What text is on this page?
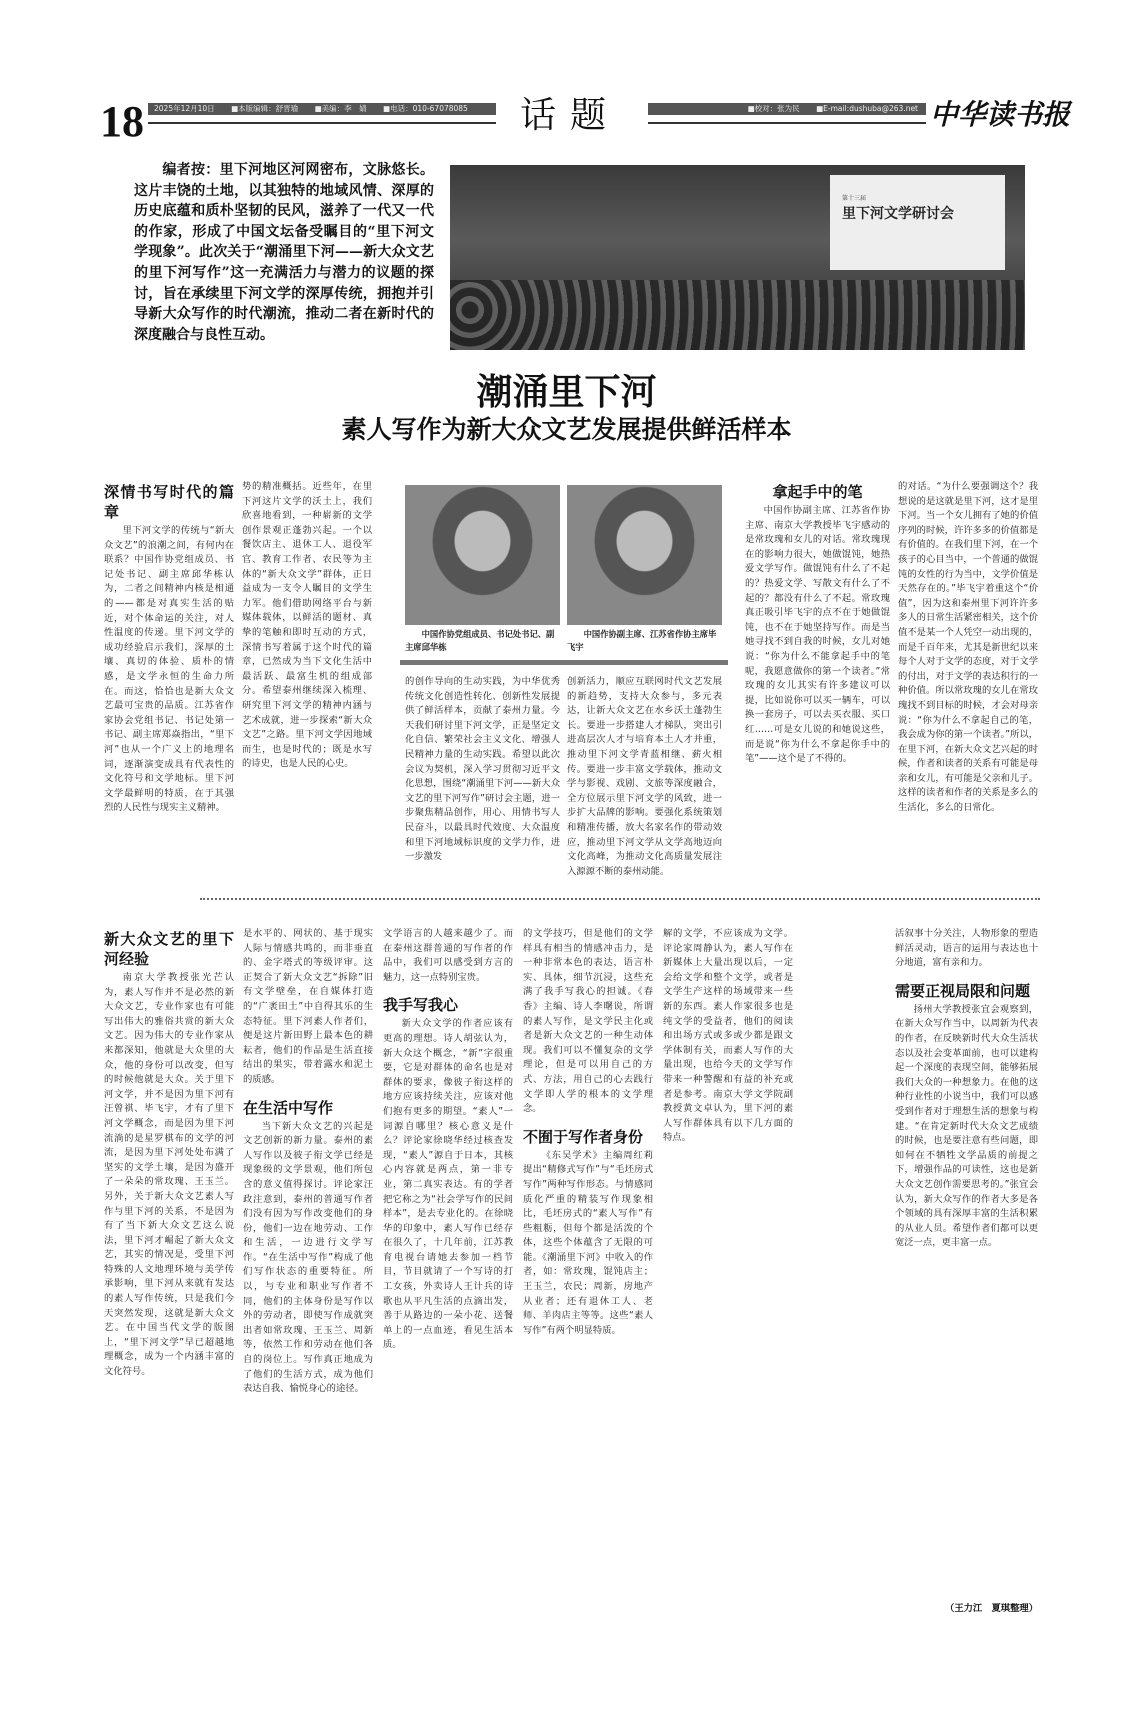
18	2025年12月10日 ■本版编辑：舒晋瑜 ■美编：李　婧 ■电话：010-67078085	话题	■校对：张为民 ■E-mail:dushuba@263.net 中华读书报
编者按：里下河地区河网密布，文脉悠长。这片丰饶的土地，以其独特的地域风情、深厚的历史底蕴和质朴坚韧的民风，滋养了一代又一代的作家，形成了中国文坛备受瞩目的“里下河文学现象”。此次关于“潮涌里下河——新大众文艺的里下河写作”这一充满活力与潜力的议题的探讨，旨在承续里下河文学的深厚传统，拥抱并引导新大众写作的时代潮流，推动二者在新时代的深度融合与良性互动。
第十三届
里下河文学研讨会
潮涌里下河
素人写作为新大众文艺发展提供鲜活样本
深情书写时代的篇章

里下河文学的传统与“新大众文艺”的浪潮之间，有何内在联系？中国作协党组成员、书记处书记、副主席邱华栋认为，二者之间精神内核是相通的——都是对真实生活的贴近，对个体命运的关注，对人性温度的传递。里下河文学的成功经验启示我们，深厚的土壤、真切的体验、质朴的情感，是文学永恒的生命力所在。而这，恰恰也是新大众文艺最可宝贵的品质。江苏省作家协会党组书记、书记处第一书记、副主席郑焱指出，“里下河”也从一个广义上的地理名词，逐渐演变成具有代表性的文化符号和文学地标。里下河文学最鲜明的特质，在于其强烈的人民性与现实主义精神。

势的精准概括。近些年，在里下河这片文学的沃土上，我们欣喜地看到，一种崭新的文学创作景观正蓬勃兴起。一个以餐饮店主、退休工人、退役军官、教育工作者、农民等为主体的“新大众文学”群体，正日益成为一支令人瞩目的文学生力军。他们借助网络平台与新媒体载体，以鲜活的题材、真挚的笔触和即时互动的方式，深情书写着属于这个时代的篇章，已然成为当下文化生活中最活跃、最富生机的组成部分。希望泰州继续深入梳理、研究里下河文学的精神内涵与艺术成就，进一步探索“新大众文艺”之路。里下河文学因地域而生，也是时代的；既是水写的诗史，也是人民的心史。

中国作协党组成员、书记处书记、副主席邱华栋
中国作协副主席、江苏省作协主席毕飞宇

的创作导向的生动实践，为中华优秀传统文化创造性转化、创新性发展提供了鲜活样本，贡献了泰州力量。今天我们研讨里下河文学，正是坚定文化自信、繁荣社会主义文化、增强人民精神力量的生动实践。希望以此次会议为契机，深入学习贯彻习近平文化思想，围绕“潮涌里下河——新大众文艺的里下河写作”研讨会主题，进一步聚焦精品创作，用心、用情书写人民奋斗，以最具时代效度、大众温度和里下河地域标识度的文学力作，进一步激发

创新活力，顺应互联网时代文艺发展的新趋势，支持大众参与，多元表达，让新大众文艺在水乡沃土蓬勃生长。要进一步搭建人才梯队，突出引进高层次人才与培育本土人才并重，推动里下河文学青蓝相继、薪火相传。要进一步丰富文学载体，推动文学与影视、戏剧、文旅等深度融合，全方位展示里下河文学的风致，进一步扩大品牌的影响。要强化系统策划和精准传播，放大名家名作的带动效应，推动里下河文学从文学高地迈向文化高峰，为推动文化高质量发展注入源源不断的泰州动能。

拿起手中的笔

中国作协副主席、江苏省作协主席、南京大学教授毕飞宇感动的是常玫瑰和女儿的对话。常玫瑰现在的影响力很大，她做馄饨，她热爱文学写作。做馄饨有什么了不起的？热爱文学、写散文有什么了不起的？都没有什么了不起。常玫瑰真正吸引毕飞宇的点不在于她做馄饨，也不在于她坚持写作。而是当她寻找不到自我的时候，女儿对她说：“你为什么不能拿起手中的笔呢，我愿意做你的第一个读者。”常玫瑰的女儿其实有许多建议可以提，比如说你可以买一辆车，可以换一套房子，可以去买衣服、买口红……可是女儿说的和她说这些，而是说“你为什么不拿起你手中的笔”——这个是了不得的。

的对话。“为什么要强调这个？我想说的是这就是里下河，这才是里下河。当一个女儿拥有了她的价值序列的时候，许许多多的价值都是有价值的。在我们里下河，在一个孩子的心目当中，一个普通的做馄饨的女性的行为当中，文学价值是天然存在的。”毕飞宇着重这个“价值”，因为这和泰州里下河许许多多人的日常生活紧密相关，这个价值不是某一个人凭空一动出现的，而是千百年来，尤其是新世纪以来每个人对于文学的态度，对于文学的付出，对于文学的表达积行的一种价值。所以常玫瑰的女儿在常玫瑰找不到目标的时候，才会对母亲说：“你为什么不拿起自己的笔，我会成为你的第一个读者。”所以，在里下河，在新大众文艺兴起的时候，作者和读者的关系有可能是母亲和女儿，有可能是父亲和儿子。这样的读者和作者的关系是多么的生活化，多么的日常化。

新大众文艺的里下河经验

南京大学教授张光芒认为，素人写作并不是必然的新大众文艺，专业作家也有可能写出伟大的雅俗共赏的新大众文艺。因为伟大的专业作家从来都深知，他就是大众里的大众，他的身份可以改变，但写的时候他就是大众。关于里下河文学，并不是因为里下河有汪曾祺、毕飞宇，才有了里下河文学概念，而是因为里下河流淌的是星罗棋布的文学的河流，是因为里下河处处布满了坚实的文学土壤，是因为盛开了一朵朵的常玫瑰、王玉兰。另外，关于新大众文艺素人写作与里下河的关系，不是因为有了当下新大众文艺这么说法，里下河才崛起了新大众文艺，其实的情况是，受里下河特殊的人文地理环境与美学传承影响，里下河从来就有发达的素人写作传统，只是我们今天突然发现，这就是新大众文艺。在中国当代文学的版图上，“里下河文学”早已超越地理概念，成为一个内涵丰富的文化符号。

是水平的、网状的、基于现实人际与情感共鸣的，而非垂直的、金字塔式的等级评审。这正契合了新大众文艺“拆除”旧有文学壁垒，在自媒体打造的“广袤田土”中自得其乐的生态特征。里下河素人作者们，便是这片新田野上最本色的耕耘者，他们的作品是生活直接结出的果实，带着露水和泥土的质感。

在生活中写作

当下新大众文艺的兴起是文艺创新的新力量。泰州的素人写作以及彼子衔文学已经是现象级的文学景观，他们所包含的意义值得探讨。评论家汪政注意到，泰州的普通写作者们没有因为写作改变他们的身份，他们一边在地劳动、工作和生活，一边进行文学写作。“在生活中写作”构成了他们写作状态的重要特征。所以，与专业和职业写作者不同，他们的主体身份是写作以外的劳动者，即使写作成就突出者如常玫瑰、王玉兰、周新等，依然工作和劳动在他们各自的岗位上。写作真正地成为了他们的生活方式，成为他们表达自我、愉悦身心的途径。

文学语言的人越来越少了。而在泰州这群普通的写作者的作品中，我们可以感受到方言的魅力，这一点特别宝贵。

我手写我心

新大众文学的作者应该有更高的理想。诗人胡弦认为，新大众这个概念，“新”字很重要，它是对群体的命名也是对群体的要求，像彼子衔这样的地方应该持续关注，应该对他们抱有更多的期望。“素人”一词源自哪里？核心意义是什么？评论家徐晓华经过核查发现，“素人”源自于日本，其核心内容就是两点，第一非专业，第二真实表达。有的学者把它称之为“社会学写作的民间样本”，是去专业化的。在徐晓华的印象中，素人写作已经存在很久了，十几年前，江苏教育电视台请她去参加一档节目，节目就请了一个写诗的打工女孩，外卖诗人王计兵的诗歌也从平凡生活的点滴出发，善于从路边的一朵小花、送餐单上的一点血迹，看见生活本质。

的文学技巧，但是他们的文学样具有相当的情感冲击力，是一种非常本色的表达，语言朴实、具体，细节沉浸，这些充满了我手写我心的担诚。《春香》主编、诗人李曙说，所谓的素人写作，是文学民主化或者是新大众文艺的一种生动体现。我们可以不懂复杂的文学理论，但是可以用自己的方式、方法，用自己的心去践行文学即人学的根本的文学理念。

不囿于写作者身份

《东吴学术》主编周红莉提出“精修式写作”与“毛坯房式写作”两种写作形态。与情感同质化严重的精装写作现象相比，毛坯房式的“素人写作”有些粗粝，但每个都是活泼的个体，这些个体蕴含了无限的可能。《潮涌里下河》中收入的作者，如：常玫瑰，馄饨店主；王玉兰，农民；周新，房地产从业者；还有退休工人、老师、羊肉店主等等。这些“素人写作”有两个明显特质。

解的文学，不应该成为文学。评论家周静认为，素人写作在新媒体上大量出现以后，一定会给文学和整个文学，或者是文学生产这样的场域带来一些新的东西。素人作家很多也是纯文学的受益者，他们的阅读和出场方式或多或少都是跟文学体制有关，而素人写作的大量出现，也给今天的文学写作带来一种警醒和有益的补充或者是参考。南京大学文学院副教授黄文卓认为，里下河的素人写作群体具有以下几方面的特点。

活叙事十分关注，人物形象的塑造鲜活灵动，语言的运用与表达也十分地道，富有亲和力。

需要正视局限和问题

扬州大学教授张宜会观察到，在新大众写作当中，以周新为代表的作者，在反映新时代大众生活状态以及社会变革面前，也可以建构起一个深度的表现空间，能够拓展我们大众的一种想象力。在他的这种行业性的小说当中，我们可以感受到作者对于理想生活的想象与构建。“在肯定新时代大众文艺成绩的时候，也是要注意有些问题，即如何在不牺牲文学品质的前提之下，增强作品的可读性，这也是新大众文艺创作需要思考的。”张宜会认为，新大众写作的作者大多是各个领域的具有深厚丰富的生活积累的从业人员。希望作者们都可以更宽泛一点，更丰富一点。

（王力江　夏琪整理）
